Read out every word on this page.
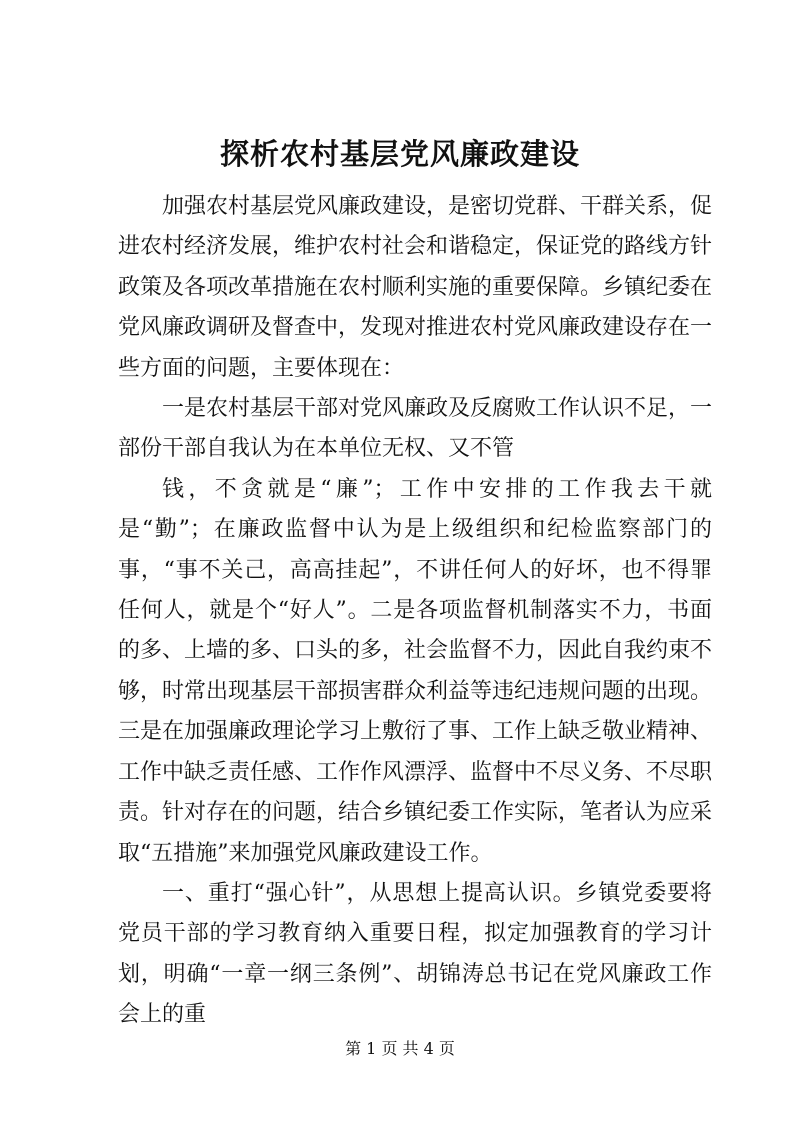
探析农村基层党风廉政建设

加强农村基层党风廉政建设，是密切党群、干群关系，促进农村经济发展，维护农村社会和谐稳定，保证党的路线方针政策及各项改革措施在农村顺利实施的重要保障。乡镇纪委在党风廉政调研及督查中，发现对推进农村党风廉政建设存在一些方面的问题，主要体现在：

一是农村基层干部对党风廉政及反腐败工作认识不足，一部份干部自我认为在本单位无权、又不管

钱，不贪就是“廉”；工作中安排的工作我去干就是“勤”；在廉政监督中认为是上级组织和纪检监察部门的事，“事不关己，高高挂起”，不讲任何人的好坏，也不得罪任何人，就是个“好人”。二是各项监督机制落实不力，书面的多、上墙的多、口头的多，社会监督不力，因此自我约束不够，时常出现基层干部损害群众利益等违纪违规问题的出现。三是在加强廉政理论学习上敷衍了事、工作上缺乏敬业精神、工作中缺乏责任感、工作作风漂浮、监督中不尽义务、不尽职责。针对存在的问题，结合乡镇纪委工作实际，笔者认为应采取“五措施”来加强党风廉政建设工作。

一、重打“强心针”，从思想上提高认识。乡镇党委要将党员干部的学习教育纳入重要日程，拟定加强教育的学习计划，明确“一章一纲三条例”、胡锦涛总书记在党风廉政工作会上的重

第 1 页 共 4 页
